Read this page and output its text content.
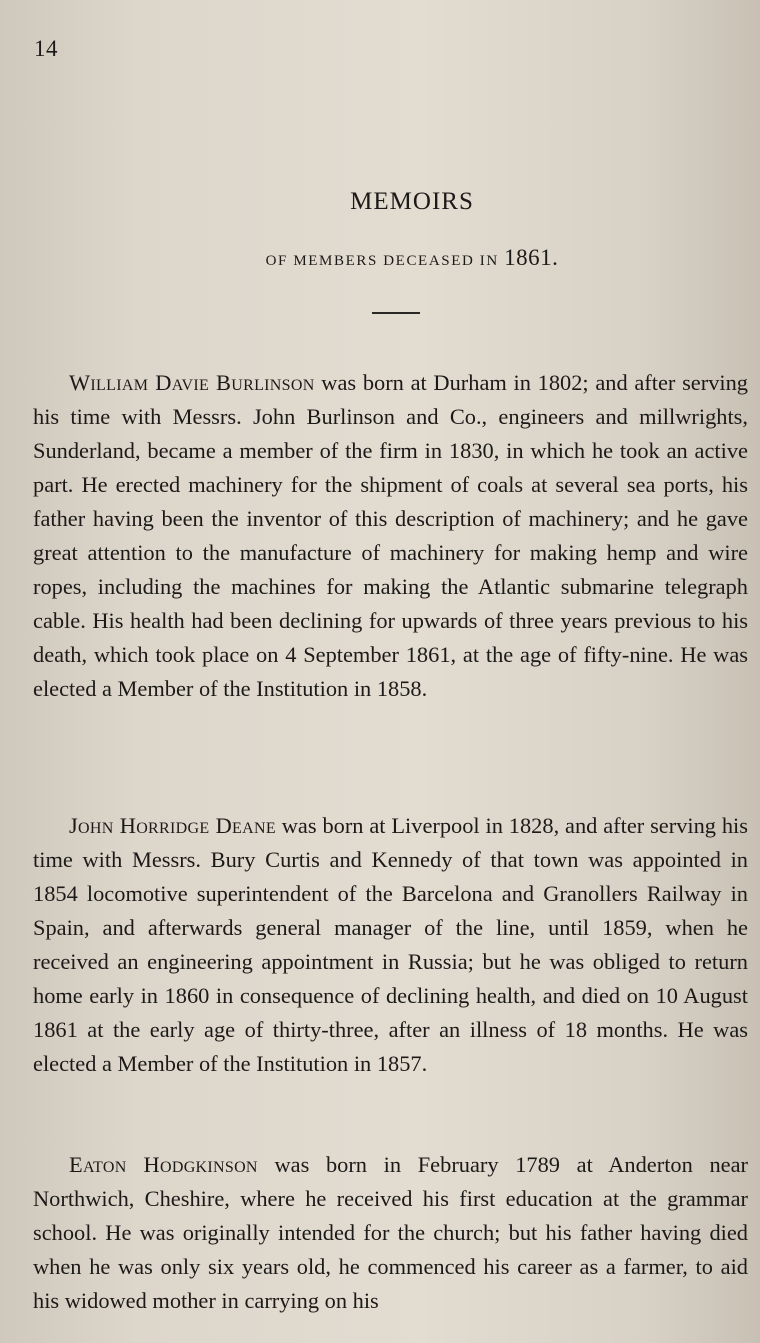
14
MEMOIRS
OF MEMBERS DECEASED IN 1861.

William Davie Burlinson was born at Durham in 1802; and after serving his time with Messrs. John Burlinson and Co., engineers and millwrights, Sunderland, became a member of the firm in 1830, in which he took an active part. He erected machinery for the shipment of coals at several sea ports, his father having been the inventor of this description of machinery; and he gave great attention to the manufacture of machinery for making hemp and wire ropes, including the machines for making the Atlantic submarine telegraph cable. His health had been declining for upwards of three years previous to his death, which took place on 4 September 1861, at the age of fifty-nine. He was elected a Member of the Institution in 1858.

John Horridge Deane was born at Liverpool in 1828, and after serving his time with Messrs. Bury Curtis and Kennedy of that town was appointed in 1854 locomotive superintendent of the Barcelona and Granollers Railway in Spain, and afterwards general manager of the line, until 1859, when he received an engineering appointment in Russia; but he was obliged to return home early in 1860 in consequence of declining health, and died on 10 August 1861 at the early age of thirty-three, after an illness of 18 months. He was elected a Member of the Institution in 1857.

Eaton Hodgkinson was born in February 1789 at Anderton near Northwich, Cheshire, where he received his first education at the grammar school. He was originally intended for the church; but his father having died when he was only six years old, he commenced his career as a farmer, to aid his widowed mother in carrying on his
